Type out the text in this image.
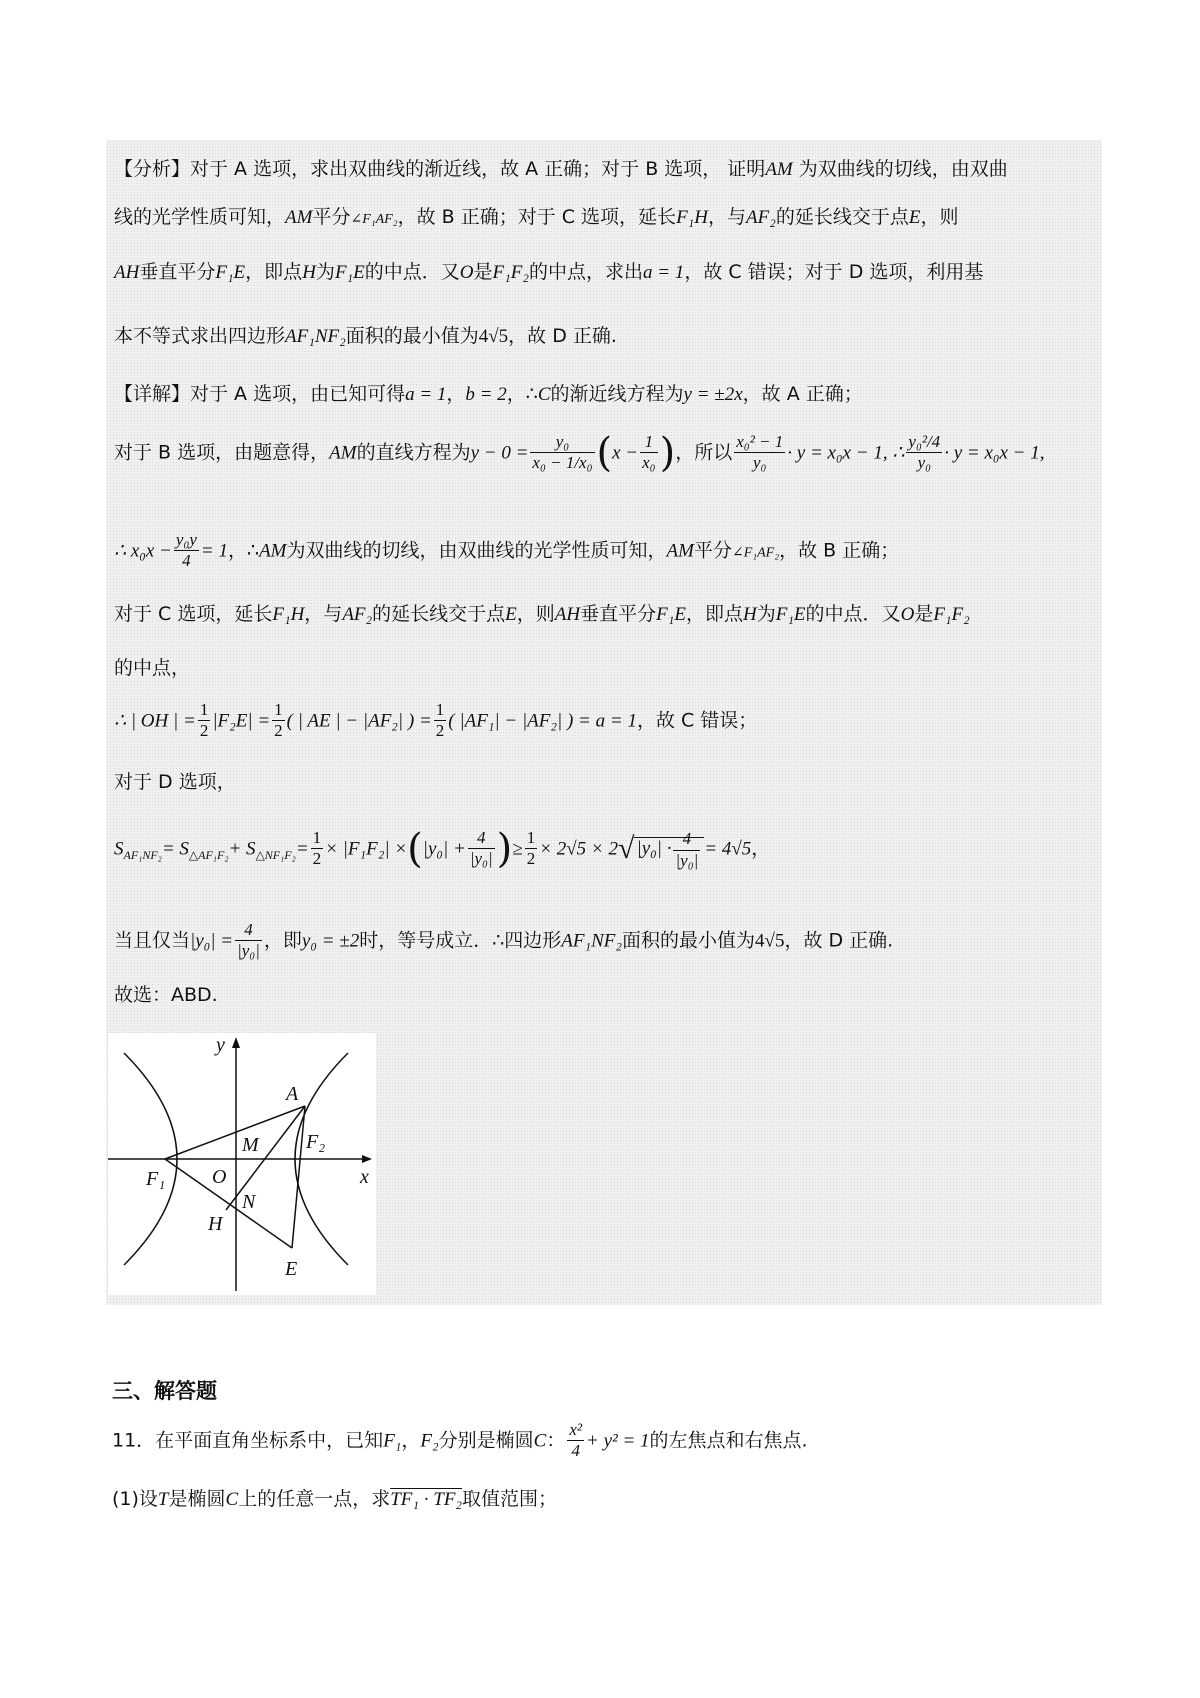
【分析】对于 A 选项，求出双曲线的渐近线，故 A 正确；对于 B 选项， 证明AM 为双曲线的切线，由双曲
线的光学性质可知，AM平分∠F₁AF₂，故 B 正确；对于 C 选项，延长F₁H，与AF₂的延长线交于点E，则
AH垂直平分F₁E，即点H为F₁E的中点．又O是F₁F₂的中点，求出a = 1，故 C 错误；对于 D 选项，利用基
本不等式求出四边形AF₁NF₂面积的最小值为4√5，故 D 正确.
【详解】对于 A 选项，由已知可得a = 1，b = 2，∴C的渐近线方程为y = ±2x，故 A 正确；
对于 B 选项，由题意得，AM的直线方程为$y - 0 = \frac{\text{y₀}}{\text{x₀ − 1/x₀}} (x - \frac{1}{\text{x₀}}$ )，所以 $\frac{\text{x₀² − 1}}{\text{y₀}} \cdot y = x_0x - 1$, ∴ $\frac{\text{y₀²/4}}{\text{y₀}} \cdot y = x_0x - 1$,
∴ $x_0x - \frac{\text{y₀y}}{4} = 1$，∴AM为双曲线的切线，由双曲线的光学性质可知，AM平分∠F₁AF₂，故 B 正确；
对于 C 选项，延长F₁H，与AF₂的延长线交于点E，则AH垂直平分F₁E，即点H为F₁E的中点．又O是F₁F₂
的中点，
∴ | OH | = $\frac{1}{2} |F_2E| = \frac{1}{2}$ ( | AE | − |AF₂| ) = $\frac{1}{2}$ ( |AF₁| − |AF₂| ) = a = 1，故 C 错误；
对于 D 选项，
$S_{AF_1NF_2}= S_{\triangle AF_1F_2}+ S_{\triangle NF_1F_2}= \frac{1}{2} \times |F_1F_2| \times(|y_0| + \frac{4}{\text{|y₀|}}$ )≥ $\frac{1}{2} \times 2√5 \times 2√$ $|y_0| \cdot \frac{4}{\text{|y₀|}} = 4√5$，
当且仅当$|y_0| = \frac{4}{\text{|y₀|}}$ ，即y₀ = ±2时，等号成立．∴四边形AF₁NF₂面积的最小值为4√5，故 D 正确.
故选：ABD.
y
x
A
M F₂
F₁ O
N
H
E
三、解答题
11．在平面直角坐标系中，已知F₁，F₂分别是椭圆C： $\frac{\text{x²}}{4} + y^2 = 1$的左焦点和右焦点.
(1)设T是椭圆C上的任意一点，求TF₁ · TF₂取值范围；
